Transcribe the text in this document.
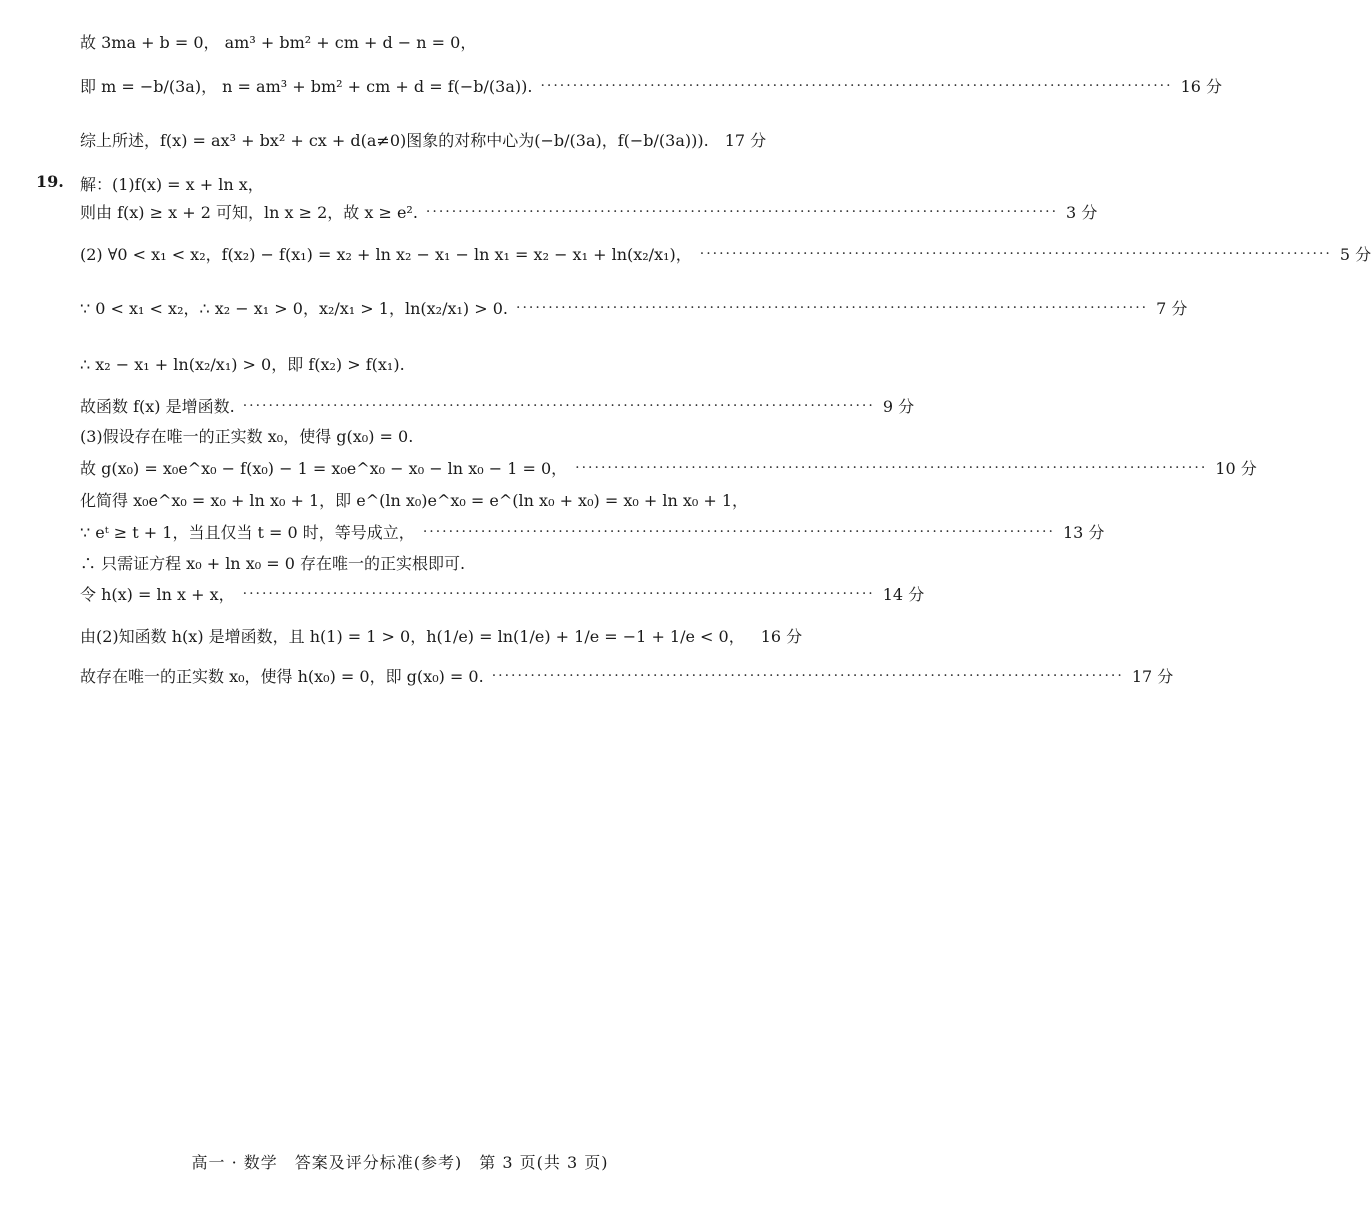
故 3ma + b = 0， am³ + bm² + cm + d − n = 0，
即 m = −b/(3a)， n = am³ + bm² + cm + d = f(−b/(3a)). ·································································································· 16 分
综上所述，f(x) = ax³ + bx² + cx + d(a≠0)图象的对称中心为(−b/(3a)，f(−b/(3a))). 17 分
19. 解：(1)f(x) = x + ln x，
则由 f(x) ≥ x + 2 可知，ln x ≥ 2，故 x ≥ e². ·································································································· 3 分
(2) ∀0 < x₁ < x₂，f(x₂) − f(x₁) = x₂ + ln x₂ − x₁ − ln x₁ = x₂ − x₁ + ln(x₂/x₁)， ·································································································· 5 分
∵ 0 < x₁ < x₂，∴ x₂ − x₁ > 0，x₂/x₁ > 1，ln(x₂/x₁) > 0. ·································································································· 7 分
∴ x₂ − x₁ + ln(x₂/x₁) > 0，即 f(x₂) > f(x₁).
故函数 f(x) 是增函数. ·································································································· 9 分
(3)假设存在唯一的正实数 x₀，使得 g(x₀) = 0.
故 g(x₀) = x₀e^x₀ − f(x₀) − 1 = x₀e^x₀ − x₀ − ln x₀ − 1 = 0， ·································································································· 10 分
化简得 x₀e^x₀ = x₀ + ln x₀ + 1，即 e^(ln x₀)e^x₀ = e^(ln x₀ + x₀) = x₀ + ln x₀ + 1，
∵ eᵗ ≥ t + 1，当且仅当 t = 0 时，等号成立， ·································································································· 13 分
∴ 只需证方程 x₀ + ln x₀ = 0 存在唯一的正实根即可.
令 h(x) = ln x + x， ·································································································· 14 分
由(2)知函数 h(x) 是增函数，且 h(1) = 1 > 0，h(1/e) = ln(1/e) + 1/e = −1 + 1/e < 0， 16 分
故存在唯一的正实数 x₀，使得 h(x₀) = 0，即 g(x₀) = 0. ·································································································· 17 分
高一 · 数学　答案及评分标准(参考)　第 3 页(共 3 页)
